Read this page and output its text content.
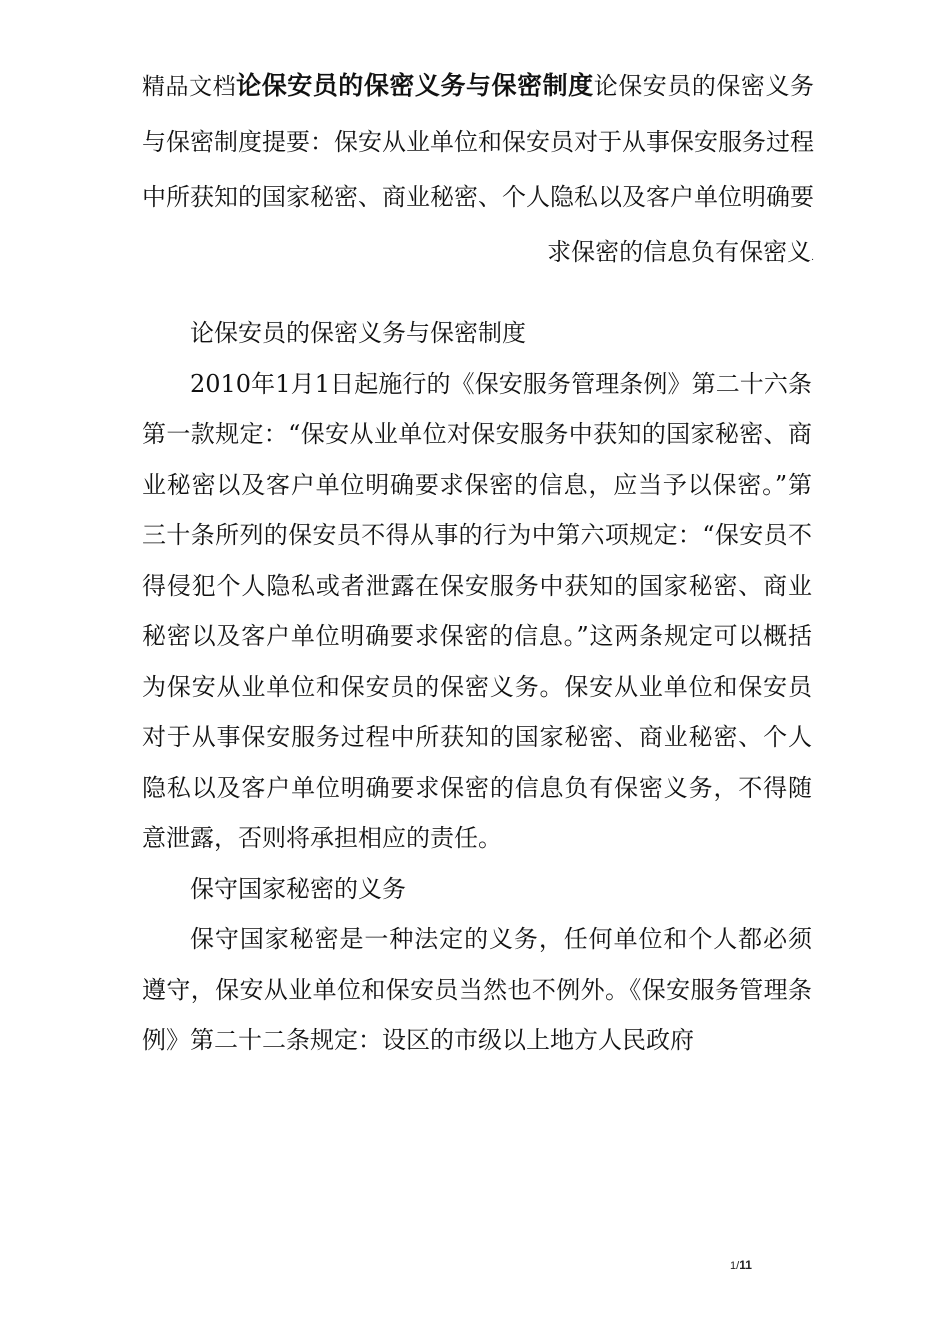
精品文档论保安员的保密义务与保密制度论保安员的保密义务与保密制度提要：保安从业单位和保安员对于从事保安服务过程中所获知的国家秘密、商业秘密、个人隐私以及客户单位明确要求保密的信息负有保密义.

论保安员的保密义务与保密制度

2010年1月1日起施行的《保安服务管理条例》第二十六条第一款规定：“保安从业单位对保安服务中获知的国家秘密、商业秘密以及客户单位明确要求保密的信息，应当予以保密。”第三十条所列的保安员不得从事的行为中第六项规定：“保安员不得侵犯个人隐私或者泄露在保安服务中获知的国家秘密、商业秘密以及客户单位明确要求保密的信息。”这两条规定可以概括为保安从业单位和保安员的保密义务。保安从业单位和保安员对于从事保安服务过程中所获知的国家秘密、商业秘密、个人隐私以及客户单位明确要求保密的信息负有保密义务，不得随意泄露，否则将承担相应的责任。

保守国家秘密的义务

保守国家秘密是一种法定的义务，任何单位和个人都必须遵守，保安从业单位和保安员当然也不例外。《保安服务管理条例》第二十二条规定：设区的市级以上地方人民政府

1/11
